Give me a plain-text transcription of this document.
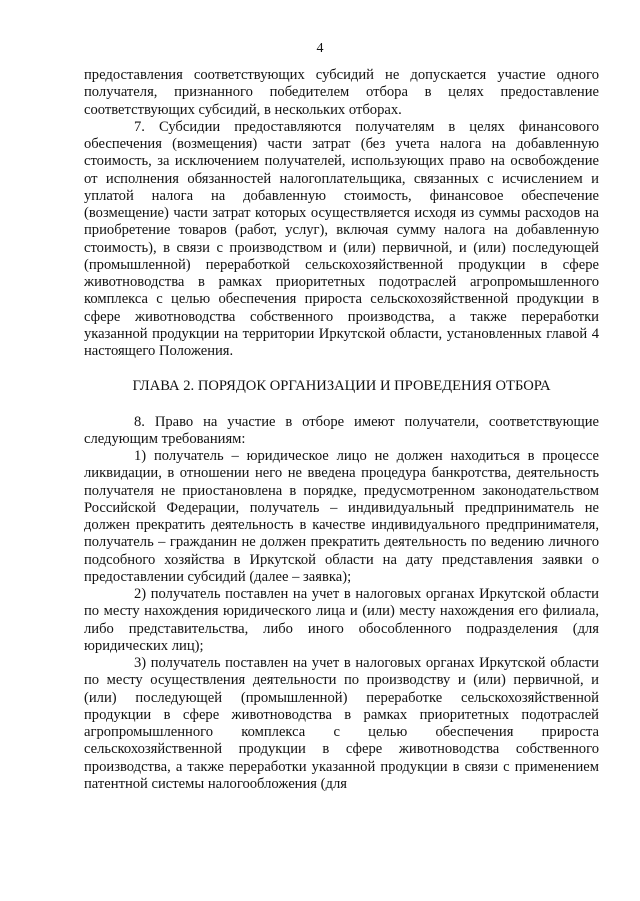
4

предоставления соответствующих субсидий не допускается участие одного получателя, признанного победителем отбора в целях предоставление соответствующих субсидий, в нескольких отборах.

7. Субсидии предоставляются получателям в целях финансового обеспечения (возмещения) части затрат (без учета налога на добавленную стоимость, за исключением получателей, использующих право на освобождение от исполнения обязанностей налогоплательщика, связанных с исчислением и уплатой налога на добавленную стоимость, финансовое обеспечение (возмещение) части затрат которых осуществляется исходя из суммы расходов на приобретение товаров (работ, услуг), включая сумму налога на добавленную стоимость), в связи с производством и (или) первичной, и (или) последующей (промышленной) переработкой сельскохозяйственной продукции в сфере животноводства в рамках приоритетных подотраслей агропромышленного комплекса с целью обеспечения прироста сельскохозяйственной продукции в сфере животноводства собственного производства, а также переработки указанной продукции на территории Иркутской области, установленных главой 4 настоящего Положения.

ГЛАВА 2. ПОРЯДОК ОРГАНИЗАЦИИ И ПРОВЕДЕНИЯ ОТБОРА

8. Право на участие в отборе имеют получатели, соответствующие следующим требованиям:

1) получатель – юридическое лицо не должен находиться в процессе ликвидации, в отношении него не введена процедура банкротства, деятельность получателя не приостановлена в порядке, предусмотренном законодательством Российской Федерации, получатель – индивидуальный предприниматель не должен прекратить деятельность в качестве индивидуального предпринимателя, получатель – гражданин не должен прекратить деятельность по ведению личного подсобного хозяйства в Иркутской области на дату представления заявки о предоставлении субсидий (далее – заявка);

2) получатель поставлен на учет в налоговых органах Иркутской области по месту нахождения юридического лица и (или) месту нахождения его филиала, либо представительства, либо иного обособленного подразделения (для юридических лиц);

3) получатель поставлен на учет в налоговых органах Иркутской области по месту осуществления деятельности по производству и (или) первичной, и (или) последующей (промышленной) переработке сельскохозяйственной продукции в сфере животноводства в рамках приоритетных подотраслей агропромышленного комплекса с целью обеспечения прироста сельскохозяйственной продукции в сфере животноводства собственного производства, а также переработки указанной продукции в связи с применением патентной системы налогообложения (для
